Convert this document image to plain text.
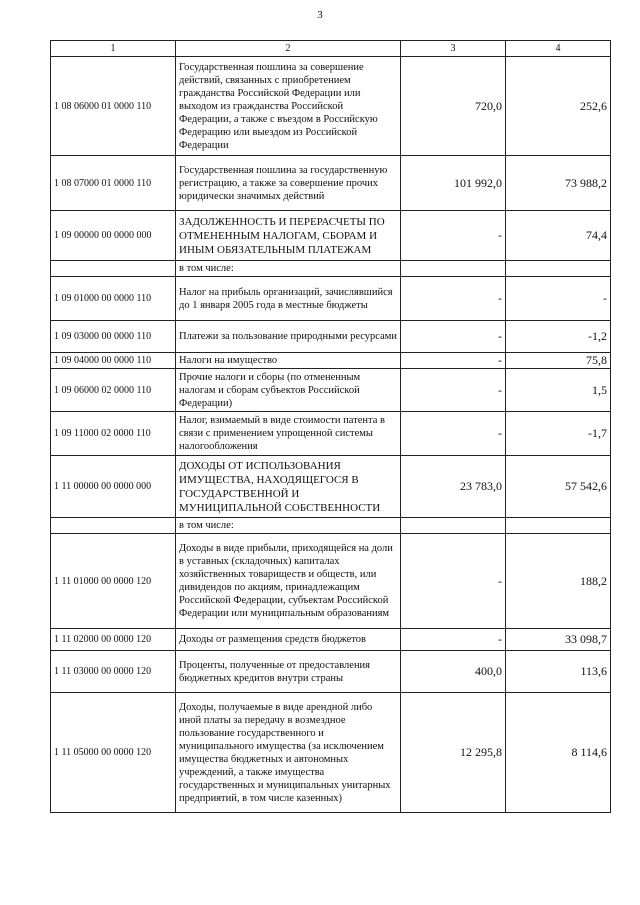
3
1	2	3	4
1 08 06000 01 0000 110	Государственная пошлина за совершение действий, связанных с приобретением гражданства Российской Федерации или выходом из гражданства Российской Федерации, а также с въездом в Российскую Федерацию или выездом из Российской Федерации	720,0	252,6
1 08 07000 01 0000 110	Государственная пошлина за государственную регистрацию, а также за совершение прочих юридически значимых действий	101 992,0	73 988,2
1 09 00000 00 0000 000	ЗАДОЛЖЕННОСТЬ И ПЕРЕРАСЧЕТЫ ПО ОТМЕНЕННЫМ НАЛОГАМ, СБОРАМ И ИНЫМ ОБЯЗАТЕЛЬНЫМ ПЛАТЕЖАМ	-	74,4
	в том числе:		
1 09 01000 00 0000 110	Налог на прибыль организаций, зачислявшийся до 1 января 2005 года в местные бюджеты	-	-
1 09 03000 00 0000 110	Платежи за пользование природными ресурсами	-	-1,2
1 09 04000 00 0000 110	Налоги на имущество	-	75,8
1 09 06000 02 0000 110	Прочие налоги и сборы (по отмененным налогам и сборам субъектов Российской Федерации)	-	1,5
1 09 11000 02 0000 110	Налог, взимаемый в виде стоимости патента в связи с применением упрощенной системы налогообложения	-	-1,7
1 11 00000 00 0000 000	ДОХОДЫ ОТ ИСПОЛЬЗОВАНИЯ ИМУЩЕСТВА, НАХОДЯЩЕГОСЯ В ГОСУДАРСТВЕННОЙ И МУНИЦИПАЛЬНОЙ СОБСТВЕННОСТИ	23 783,0	57 542,6
	в том числе:		
1 11 01000 00 0000 120	Доходы в виде прибыли, приходящейся на доли в уставных (складочных) капиталах хозяйственных товариществ и обществ, или дивидендов по акциям, принадлежащим Российской Федерации, субъектам Российской Федерации или муниципальным образованиям	-	188,2
1 11 02000 00 0000 120	Доходы от размещения средств бюджетов	-	33 098,7
1 11 03000 00 0000 120	Проценты, полученные от предоставления бюджетных кредитов внутри страны	400,0	113,6
1 11 05000 00 0000 120	Доходы, получаемые в виде арендной либо иной платы за передачу в возмездное пользование государственного и муниципального имущества (за исключением имущества бюджетных и автономных учреждений, а также имущества государственных и муниципальных унитарных предприятий, в том числе казенных)	12 295,8	8 114,6
